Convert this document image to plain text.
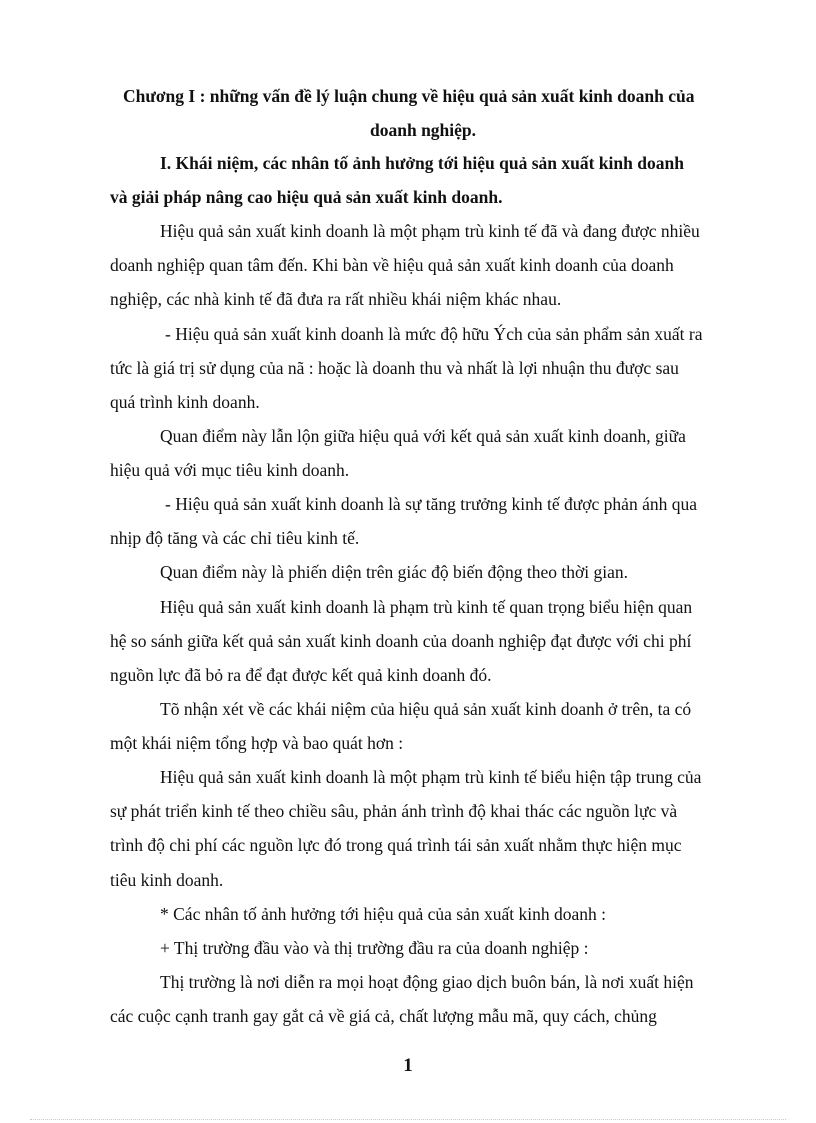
Chương I : những vấn đề lý luận chung về hiệu quả sản xuất kinh doanh của
doanh nghiệp.
I. Khái niệm, các nhân tố ảnh hưởng tới hiệu quả sản xuất kinh doanh
và giải pháp nâng cao hiệu quả sản xuất kinh doanh.
Hiệu quả sản xuất kinh doanh là một phạm trù kinh tế đã và đang được nhiều
doanh nghiệp quan tâm đến. Khi bàn về hiệu quả sản xuất kinh doanh của doanh
nghiệp, các nhà kinh tế đã đưa ra rất nhiều khái niệm khác nhau.
- Hiệu quả sản xuất kinh doanh là mức độ hữu Ých của sản phẩm sản xuất ra
tức là giá trị sử dụng của nã : hoặc là doanh thu và nhất là lợi nhuận thu được sau
quá trình kinh doanh.
Quan điểm này lẫn lộn giữa hiệu quả với kết quả sản xuất kinh doanh, giữa
hiệu quả với mục tiêu kinh doanh.
- Hiệu quả sản xuất kinh doanh là sự tăng trưởng kinh tế được phản ánh qua
nhịp độ tăng và các chỉ tiêu kinh tế.
Quan điểm này là phiến diện trên giác độ biến động theo thời gian.
Hiệu quả sản xuất kinh doanh là phạm trù kinh tế quan trọng biểu hiện quan
hệ so sánh giữa kết quả sản xuất kinh doanh của doanh nghiệp đạt được với chi phí
nguồn lực đã bỏ ra để đạt được kết quả kinh doanh đó.
Tõ nhận xét về các khái niệm của hiệu quả sản xuất kinh doanh ở trên, ta có
một khái niệm tổng hợp và bao quát hơn :
Hiệu quả sản xuất kinh doanh là một phạm trù kinh tế biểu hiện tập trung của
sự phát triển kinh tế theo chiều sâu, phản ánh trình độ khai thác các nguồn lực và
trình độ chi phí các nguồn lực đó trong quá trình tái sản xuất nhằm thực hiện mục
tiêu kinh doanh.
* Các nhân tố ảnh hưởng tới hiệu quả của sản xuất kinh doanh :
+ Thị trường đầu vào và thị trường đầu ra của doanh nghiệp :
Thị trường là nơi diễn ra mọi hoạt động giao dịch buôn bán, là nơi xuất hiện
các cuộc cạnh tranh gay gắt cả về giá cả, chất lượng mẫu mã, quy cách, chủng
1
